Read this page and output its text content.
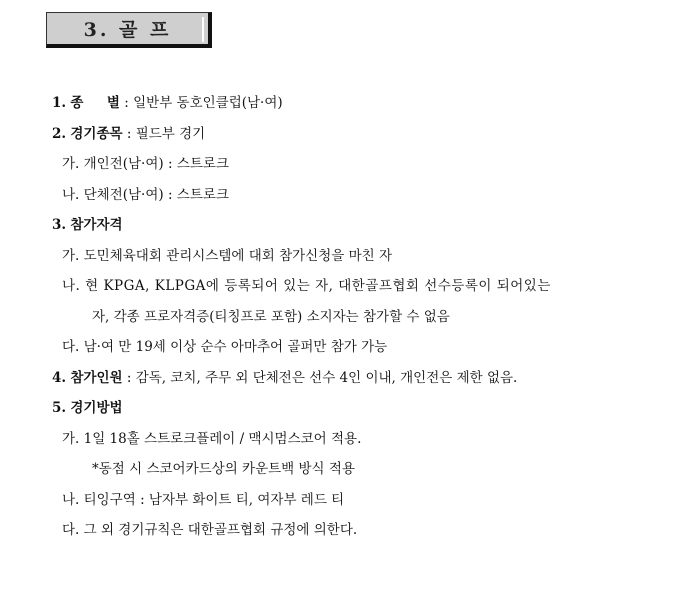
3. 골 프
1. 종     별 : 일반부 동호인클럽(남·여)
2. 경기종목 : 필드부 경기
가. 개인전(남·여) : 스트로크
나. 단체전(남·여) : 스트로크
3. 참가자격
가. 도민체육대회 관리시스템에 대회 참가신청을 마친 자
나. 현 KPGA, KLPGA에 등록되어 있는 자, 대한골프협회 선수등록이 되어있는
자, 각종 프로자격증(티칭프로 포함) 소지자는 참가할 수 없음
다. 남·여 만 19세 이상 순수 아마추어 골퍼만 참가 가능
4. 참가인원 : 감독, 코치, 주무 외 단체전은 선수 4인 이내, 개인전은 제한 없음.
5. 경기방법
가. 1일 18홀 스트로크플레이 / 맥시멈스코어 적용.
*동점 시 스코어카드상의 카운트백 방식 적용
나. 티잉구역 : 남자부 화이트 티, 여자부 레드 티
다. 그 외 경기규칙은 대한골프협회 규정에 의한다.
